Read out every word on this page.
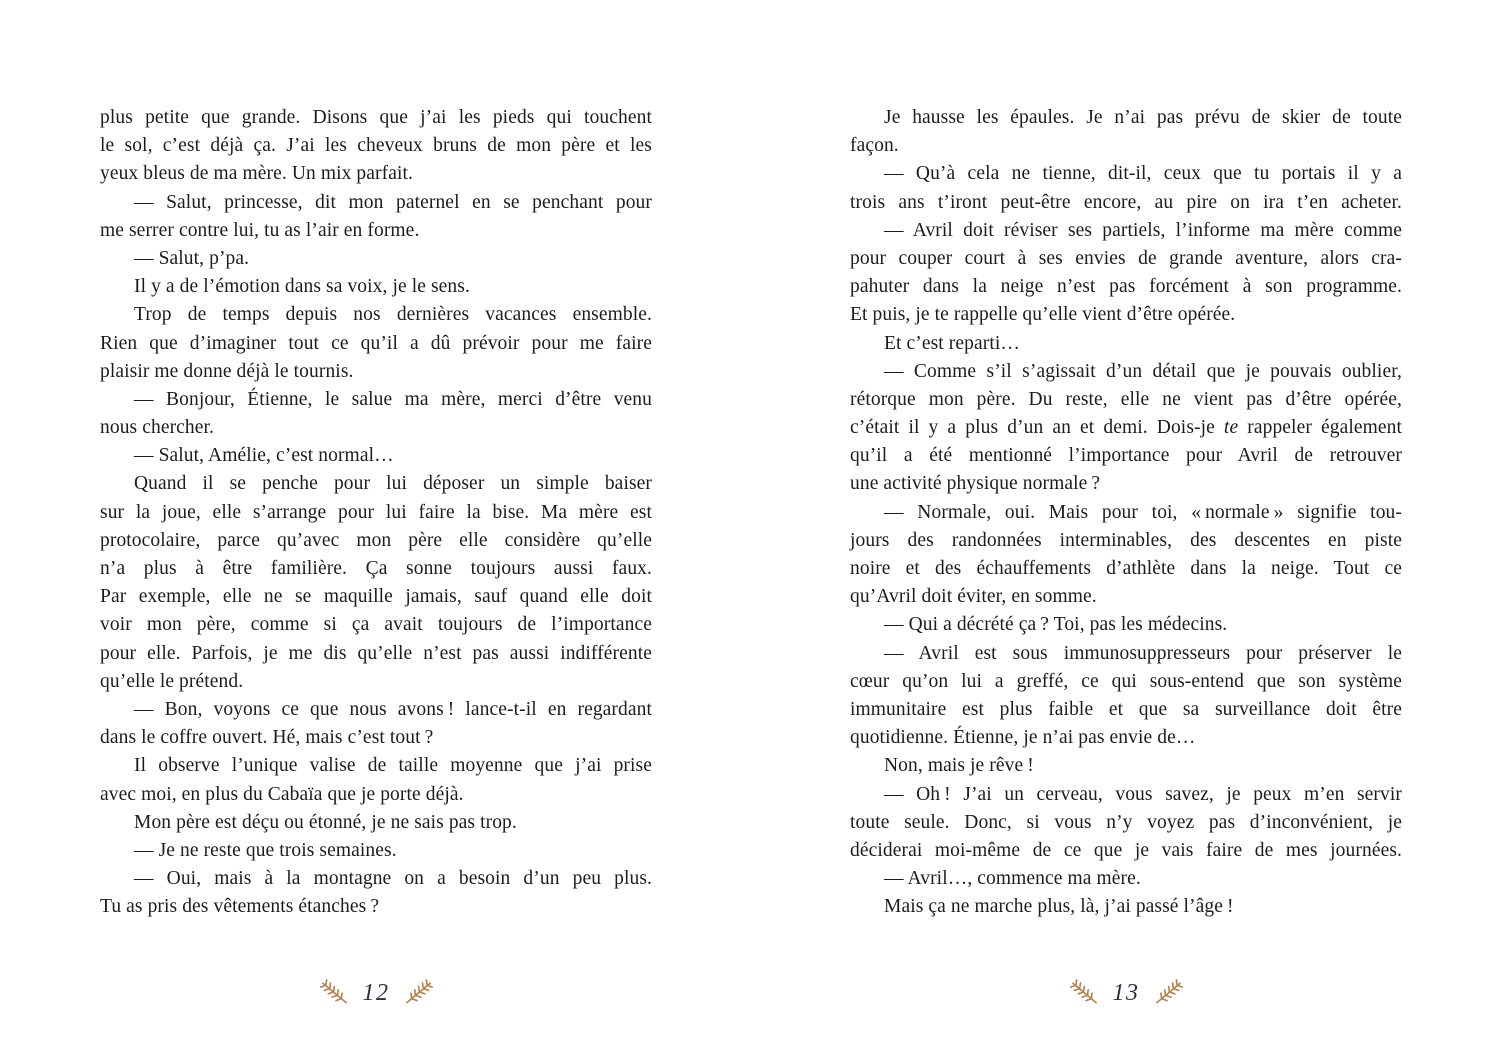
plus petite que grande. Disons que j’ai les pieds qui touchent
le sol, c’est déjà ça. J’ai les cheveux bruns de mon père et les
yeux bleus de ma mère. Un mix parfait.
— Salut, princesse, dit mon paternel en se penchant pour
me serrer contre lui, tu as l’air en forme.
— Salut, p’pa.
Il y a de l’émotion dans sa voix, je le sens.
Trop de temps depuis nos dernières vacances ensemble.
Rien que d’imaginer tout ce qu’il a dû prévoir pour me faire
plaisir me donne déjà le tournis.
— Bonjour, Étienne, le salue ma mère, merci d’être venu
nous chercher.
— Salut, Amélie, c’est normal…
Quand il se penche pour lui déposer un simple baiser
sur la joue, elle s’arrange pour lui faire la bise. Ma mère est
protocolaire, parce qu’avec mon père elle considère qu’elle
n’a plus à être familière. Ça sonne toujours aussi faux.
Par exemple, elle ne se maquille jamais, sauf quand elle doit
voir mon père, comme si ça avait toujours de l’importance
pour elle. Parfois, je me dis qu’elle n’est pas aussi indifférente
qu’elle le prétend.
— Bon, voyons ce que nous avons ! lance-t-il en regardant
dans le coffre ouvert. Hé, mais c’est tout ?
Il observe l’unique valise de taille moyenne que j’ai prise
avec moi, en plus du Cabaïa que je porte déjà.
Mon père est déçu ou étonné, je ne sais pas trop.
— Je ne reste que trois semaines.
— Oui, mais à la montagne on a besoin d’un peu plus.
Tu as pris des vêtements étanches ?
12
Je hausse les épaules. Je n’ai pas prévu de skier de toute
façon.
— Qu’à cela ne tienne, dit-il, ceux que tu portais il y a
trois ans t’iront peut-être encore, au pire on ira t’en acheter.
— Avril doit réviser ses partiels, l’informe ma mère comme
pour couper court à ses envies de grande aventure, alors cra-
pahuter dans la neige n’est pas forcément à son programme.
Et puis, je te rappelle qu’elle vient d’être opérée.
Et c’est reparti…
— Comme s’il s’agissait d’un détail que je pouvais oublier,
rétorque mon père. Du reste, elle ne vient pas d’être opérée,
c’était il y a plus d’un an et demi. Dois-je te rappeler également
qu’il a été mentionné l’importance pour Avril de retrouver
une activité physique normale ?
— Normale, oui. Mais pour toi, « normale » signifie tou-
jours des randonnées interminables, des descentes en piste
noire et des échauffements d’athlète dans la neige. Tout ce
qu’Avril doit éviter, en somme.
— Qui a décrété ça ? Toi, pas les médecins.
— Avril est sous immunosuppresseurs pour préserver le
cœur qu’on lui a greffé, ce qui sous-entend que son système
immunitaire est plus faible et que sa surveillance doit être
quotidienne. Étienne, je n’ai pas envie de…
Non, mais je rêve !
— Oh ! J’ai un cerveau, vous savez, je peux m’en servir
toute seule. Donc, si vous n’y voyez pas d’inconvénient, je
déciderai moi-même de ce que je vais faire de mes journées.
— Avril…, commence ma mère.
Mais ça ne marche plus, là, j’ai passé l’âge !
13
